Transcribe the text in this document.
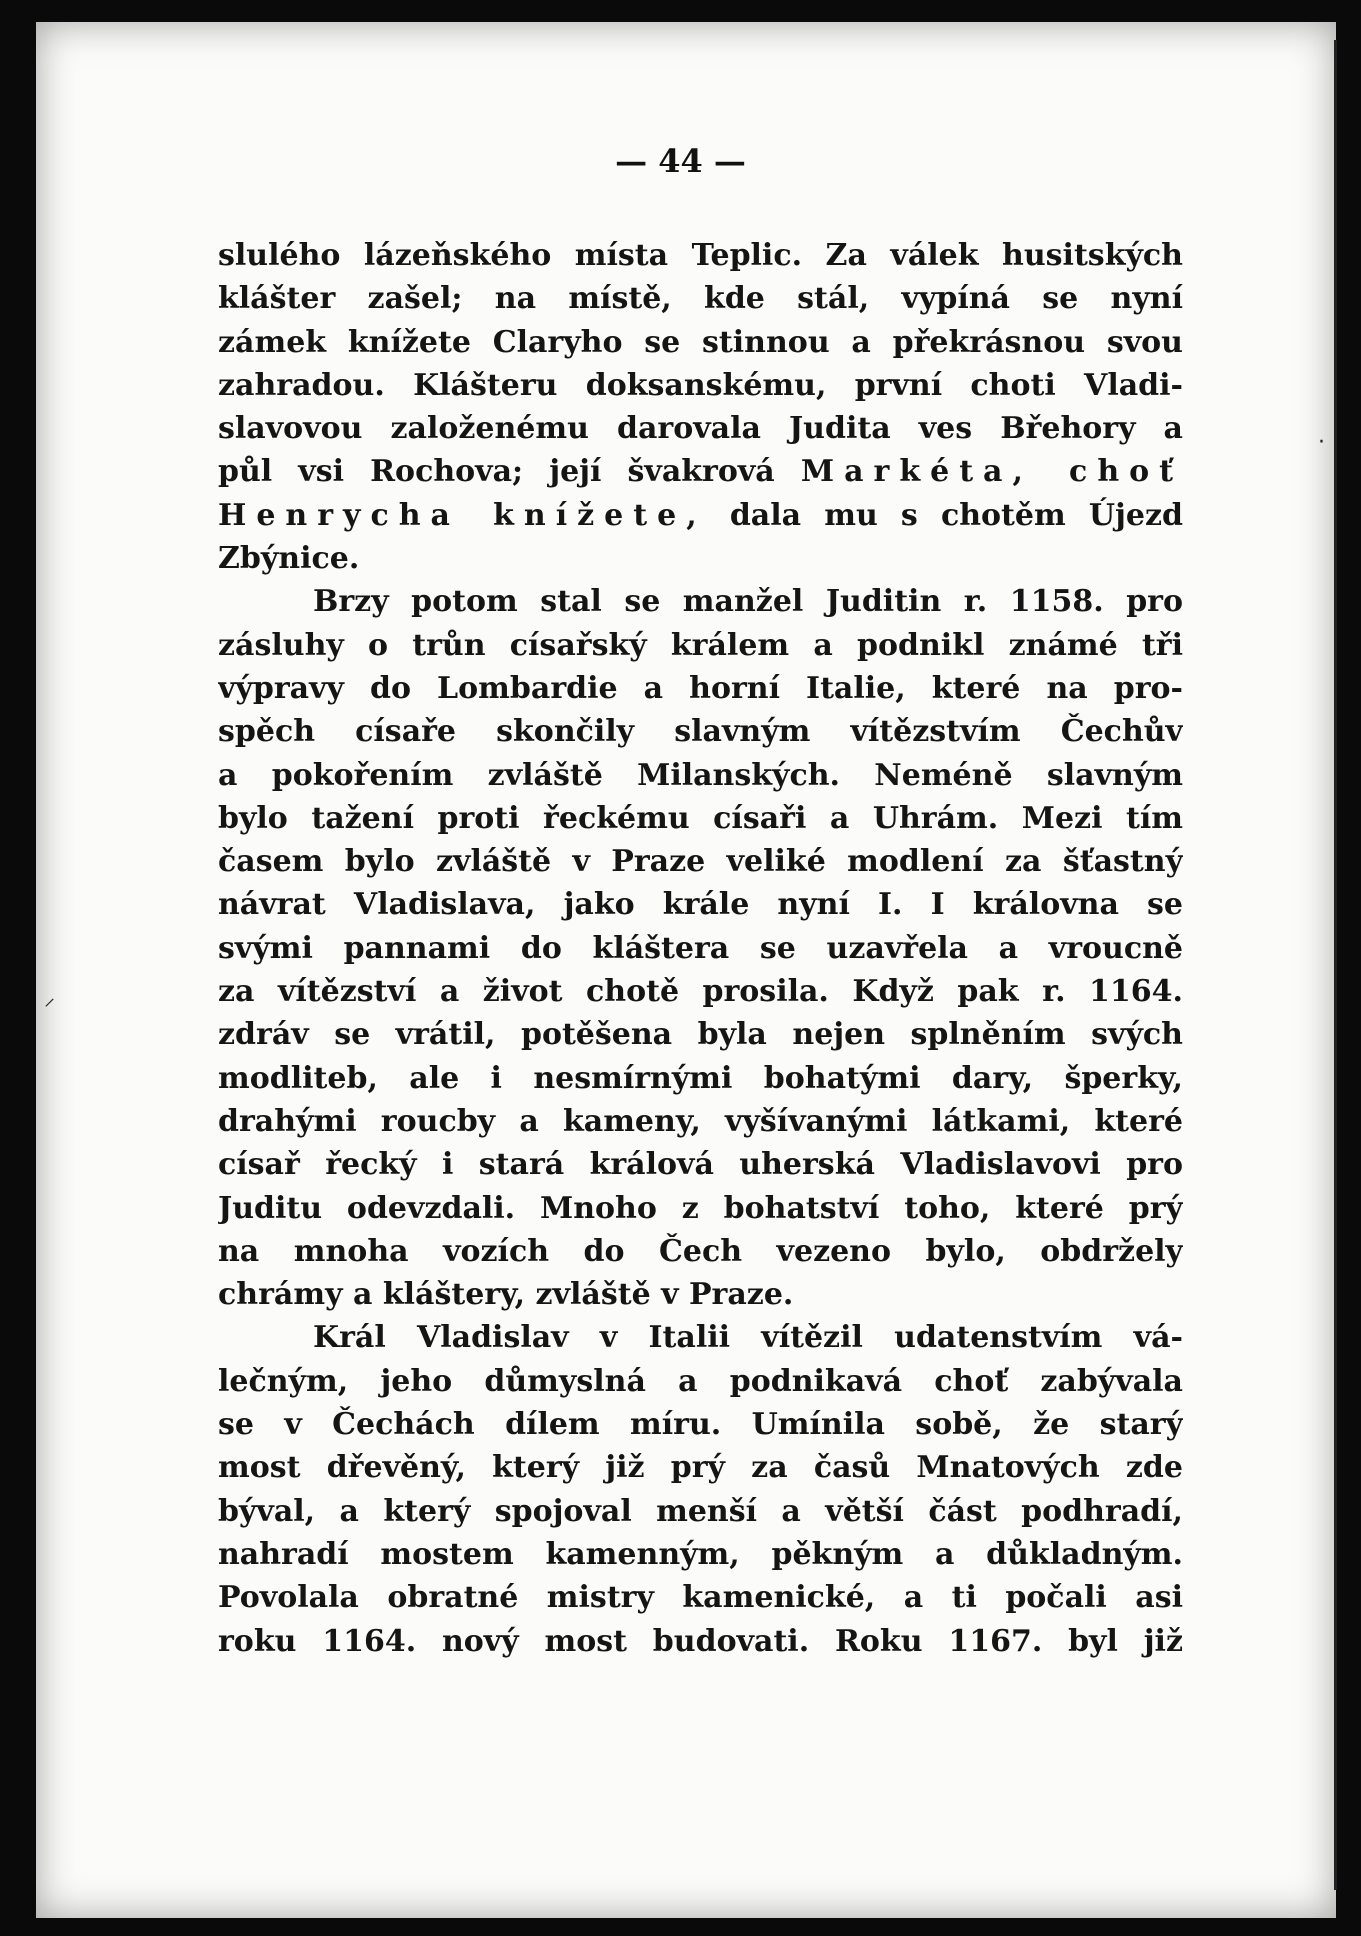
— 44 —
slulého lázeňského místa Teplic. Za válek husitských
klášter zašel; na místě, kde stál, vypíná se nyní
zámek knížete Claryho se stinnou a překrásnou svou
zahradou. Klášteru doksanskému, první choti Vladi-
slavovou založenému darovala Judita ves Břehory a
půl vsi Rochova; její švakrová Markéta, choť
Henrycha knížete, dala mu s chotěm Újezd
Zbýnice.
Brzy potom stal se manžel Juditin r. 1158. pro
zásluhy o trůn císařský králem a podnikl známé tři
výpravy do Lombardie a horní Italie, které na pro-
spěch císaře skončily slavným vítězstvím Čechův
a pokořením zvláště Milanských. Neméně slavným
bylo tažení proti řeckému císaři a Uhrám. Mezi tím
časem bylo zvláště v Praze veliké modlení za šťastný
návrat Vladislava, jako krále nyní I. I královna se
svými pannami do kláštera se uzavřela a vroucně
za vítězství a život chotě prosila. Když pak r. 1164.
zdráv se vrátil, potěšena byla nejen splněním svých
modliteb, ale i nesmírnými bohatými dary, šperky,
drahými roucby a kameny, vyšívanými látkami, které
císař řecký i stará králová uherská Vladislavovi pro
Juditu odevzdali. Mnoho z bohatství toho, které prý
na mnoha vozích do Čech vezeno bylo, obdržely
chrámy a kláštery, zvláště v Praze.
Král Vladislav v Italii vítězil udatenstvím vá-
lečným, jeho důmyslná a podnikavá choť zabývala
se v Čechách dílem míru. Umínila sobě, že starý
most dřevěný, který již prý za časů Mnatových zde
býval, a který spojoval menší a větší část podhradí,
nahradí mostem kamenným, pěkným a důkladným.
Povolala obratné mistry kamenické, a ti počali asi
roku 1164. nový most budovati. Roku 1167. byl již
⸝
·
